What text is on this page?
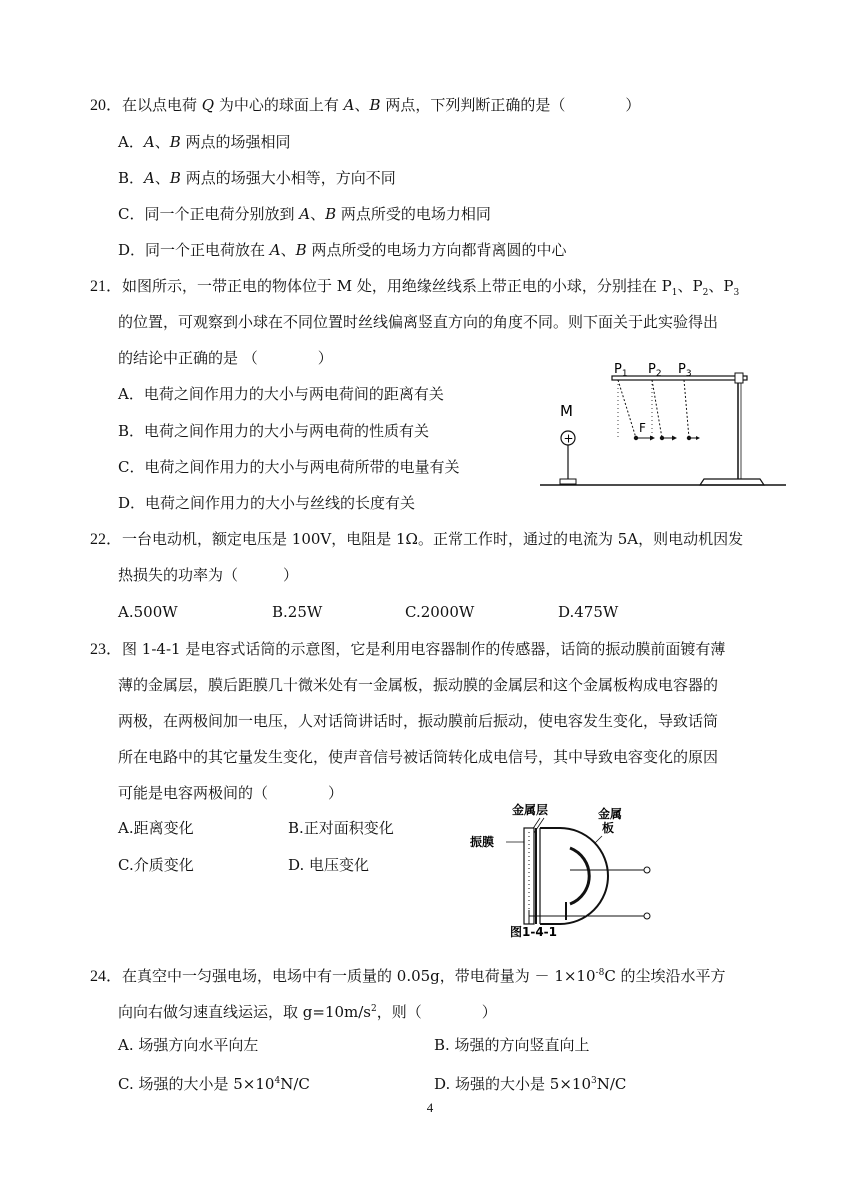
20．在以点电荷 Q 为中心的球面上有 A、B 两点，下列判断正确的是（　　　　）
A．A、B 两点的场强相同
B．A、B 两点的场强大小相等，方向不同
C．同一个正电荷分别放到 A、B 两点所受的电场力相同
D．同一个正电荷放在 A、B 两点所受的电场力方向都背离圆的中心
21．如图所示，一带正电的物体位于 M 处，用绝缘丝线系上带正电的小球，分别挂在 $P_1$、$P_2$、$P_3$
的位置，可观察到小球在不同位置时丝线偏离竖直方向的角度不同。则下面关于此实验得出
的结论中正确的是 （　　　　）
A．电荷之间作用力的大小与两电荷间的距离有关
B．电荷之间作用力的大小与两电荷的性质有关
C．电荷之间作用力的大小与两电荷所带的电量有关
D．电荷之间作用力的大小与丝线的长度有关
$P_1$ $P_2$ $P_3$
F
M
+
22．一台电动机，额定电压是 100V，电阻是 1Ω。正常工作时，通过的电流为 5A，则电动机因发
热损失的功率为（　　　）
A.500W	B.25W	C.2000W	D.475W
23．图 1-4-1 是电容式话筒的示意图，它是利用电容器制作的传感器，话筒的振动膜前面镀有薄
薄的金属层，膜后距膜几十微米处有一金属板，振动膜的金属层和这个金属板构成电容器的
两极，在两极间加一电压，人对话筒讲话时，振动膜前后振动，使电容发生变化，导致话筒
所在电路中的其它量发生变化，使声音信号被话筒转化成电信号，其中导致电容变化的原因
可能是电容两极间的（　　　　）
A.距离变化	B.正对面积变化
C.介质变化	D. 电压变化
金属层	金属
板
振膜
图1-4-1
24．在真空中一匀强电场，电场中有一质量的 0.05g，带电荷量为 － $1\times 10^{-8}C$ 的尘埃沿水平方
向向右做匀速直线运运，取 $g=10m/s^2$，则（　　　　）
A. 场强方向水平向左	B. 场强的方向竖直向上
C. 场强的大小是 $5\times 10^4N/C$	D. 场强的大小是 $5\times 10^3N/C$
4
